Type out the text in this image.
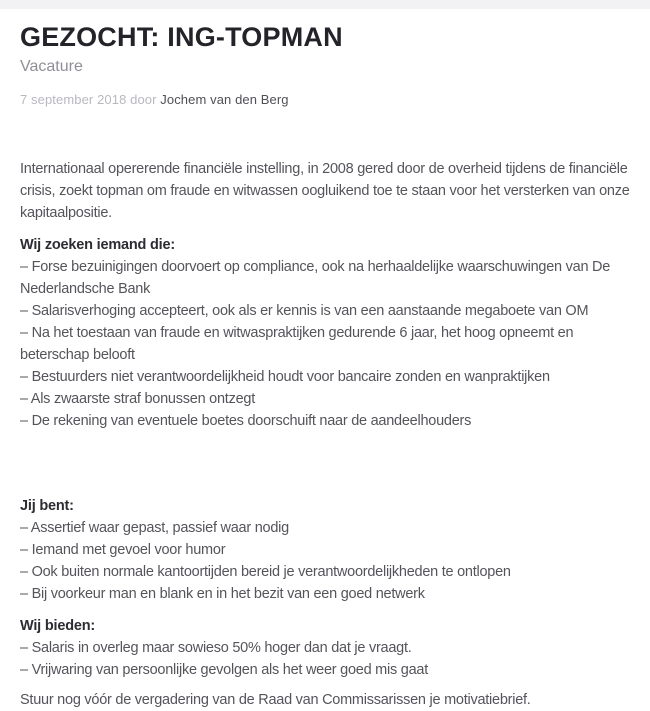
GEZOCHT: ING-TOPMAN
Vacature
7 september 2018 door Jochem van den Berg

Internationaal opererende financiële instelling, in 2008 gered door de overheid tijdens de financiële crisis, zoekt topman om fraude en witwassen oogluikend toe te staan voor het versterken van onze kapitaalpositie.

Wij zoeken iemand die:

– Forse bezuinigingen doorvoert op compliance, ook na herhaaldelijke waarschuwingen van De Nederlandsche Bank

– Salarisverhoging accepteert, ook als er kennis is van een aanstaande megaboete van OM

– Na het toestaan van fraude en witwaspraktijken gedurende 6 jaar, het hoog opneemt en beterschap belooft

– Bestuurders niet verantwoordelijkheid houdt voor bancaire zonden en wanpraktijken

– Als zwaarste straf bonussen ontzegt

– De rekening van eventuele boetes doorschuift naar de aandeelhouders

Jij bent:

– Assertief waar gepast, passief waar nodig

– Iemand met gevoel voor humor

– Ook buiten normale kantoortijden bereid je verantwoordelijkheden te ontlopen

– Bij voorkeur man en blank en in het bezit van een goed netwerk

Wij bieden:

– Salaris in overleg maar sowieso 50% hoger dan dat je vraagt.

– Vrijwaring van persoonlijke gevolgen als het weer goed mis gaat

Stuur nog vóór de vergadering van de Raad van Commissarissen je motivatiebrief.
